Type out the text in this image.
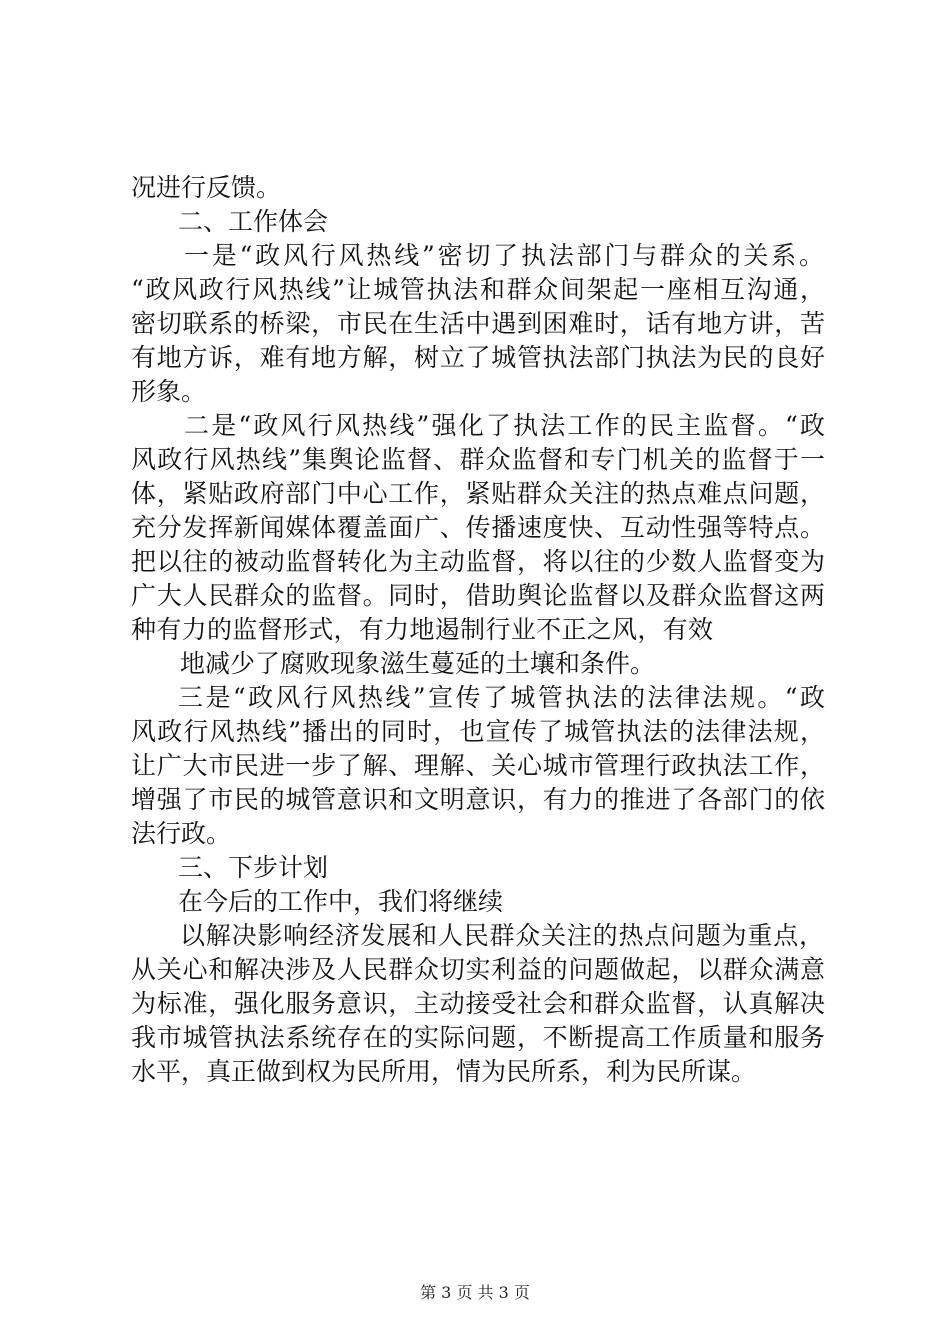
况进行反馈。
二、工作体会
一是“政风行风热线”密切了执法部门与群众的关系。
“政风政行风热线”让城管执法和群众间架起一座相互沟通，
密切联系的桥梁，市民在生活中遇到困难时，话有地方讲，苦
有地方诉，难有地方解，树立了城管执法部门执法为民的良好
形象。
二是“政风行风热线”强化了执法工作的民主监督。“政
风政行风热线”集舆论监督、群众监督和专门机关的监督于一
体，紧贴政府部门中心工作，紧贴群众关注的热点难点问题，
充分发挥新闻媒体覆盖面广、传播速度快、互动性强等特点。
把以往的被动监督转化为主动监督，将以往的少数人监督变为
广大人民群众的监督。同时，借助舆论监督以及群众监督这两
种有力的监督形式，有力地遏制行业不正之风，有效
地减少了腐败现象滋生蔓延的土壤和条件。
三是“政风行风热线”宣传了城管执法的法律法规。“政
风政行风热线”播出的同时，也宣传了城管执法的法律法规，
让广大市民进一步了解、理解、关心城市管理行政执法工作，
增强了市民的城管意识和文明意识，有力的推进了各部门的依
法行政。
三、下步计划
在今后的工作中，我们将继续
以解决影响经济发展和人民群众关注的热点问题为重点，
从关心和解决涉及人民群众切实利益的问题做起，以群众满意
为标准，强化服务意识，主动接受社会和群众监督，认真解决
我市城管执法系统存在的实际问题，不断提高工作质量和服务
水平，真正做到权为民所用，情为民所系，利为民所谋。
第 3 页 共 3 页
